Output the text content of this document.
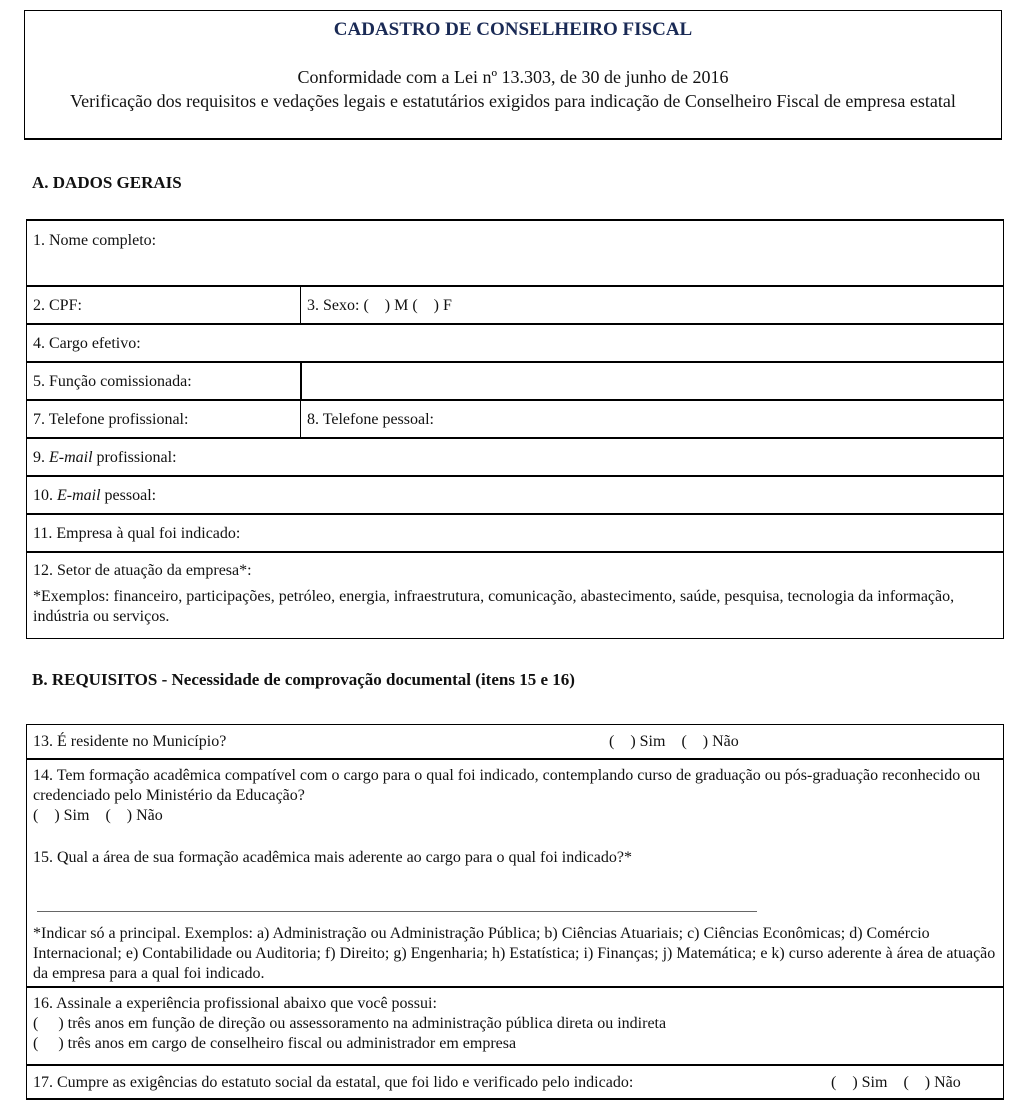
CADASTRO DE CONSELHEIRO FISCAL
Conformidade com a Lei nº 13.303, de 30 de junho de 2016
Verificação dos requisitos e vedações legais e estatutários exigidos para indicação de Conselheiro Fiscal de empresa estatal
A. DADOS GERAIS
1. Nome completo:	
2. CPF:	3. Sexo: (    ) M (    ) F
4. Cargo efetivo:	
5. Função comissionada:	
7. Telefone profissional:	8. Telefone pessoal:
9. E-mail profissional:	
10. E-mail pessoal:	
11. Empresa à qual foi indicado:	

12. Setor de atuação da empresa*:
*Exemplos: financeiro, participações, petróleo, energia, infraestrutura, comunicação, abastecimento, saúde, pesquisa, tecnologia da informação, indústria ou serviços.	
B. REQUISITOS - Necessidade de comprovação documental (itens 15 e 16)
13. É residente no Município?	(    ) Sim    (    ) Não

14. Tem formação acadêmica compatível com o cargo para o qual foi indicado, contemplando curso de graduação ou pós-graduação reconhecido ou credenciado pelo Ministério da Educação?
(    ) Sim    (    ) Não
15. Qual a área de sua formação acadêmica mais aderente ao cargo para o qual foi indicado?*
*Indicar só a principal. Exemplos: a) Administração ou Administração Pública; b) Ciências Atuariais; c) Ciências Econômicas; d) Comércio Internacional; e) Contabilidade ou Auditoria; f) Direito; g) Engenharia; h) Estatística; i) Finanças; j) Matemática; e k) curso aderente à área de atuação da empresa para a qual foi indicado.

16. Assinale a experiência profissional abaixo que você possui:
(     ) três anos em função de direção ou assessoramento na administração pública direta ou indireta
(     ) três anos em cargo de conselheiro fiscal ou administrador em empresa

17. Cumpre as exigências do estatuto social da estatal, que foi lido e verificado pelo indicado:	(    ) Sim    (    ) Não
